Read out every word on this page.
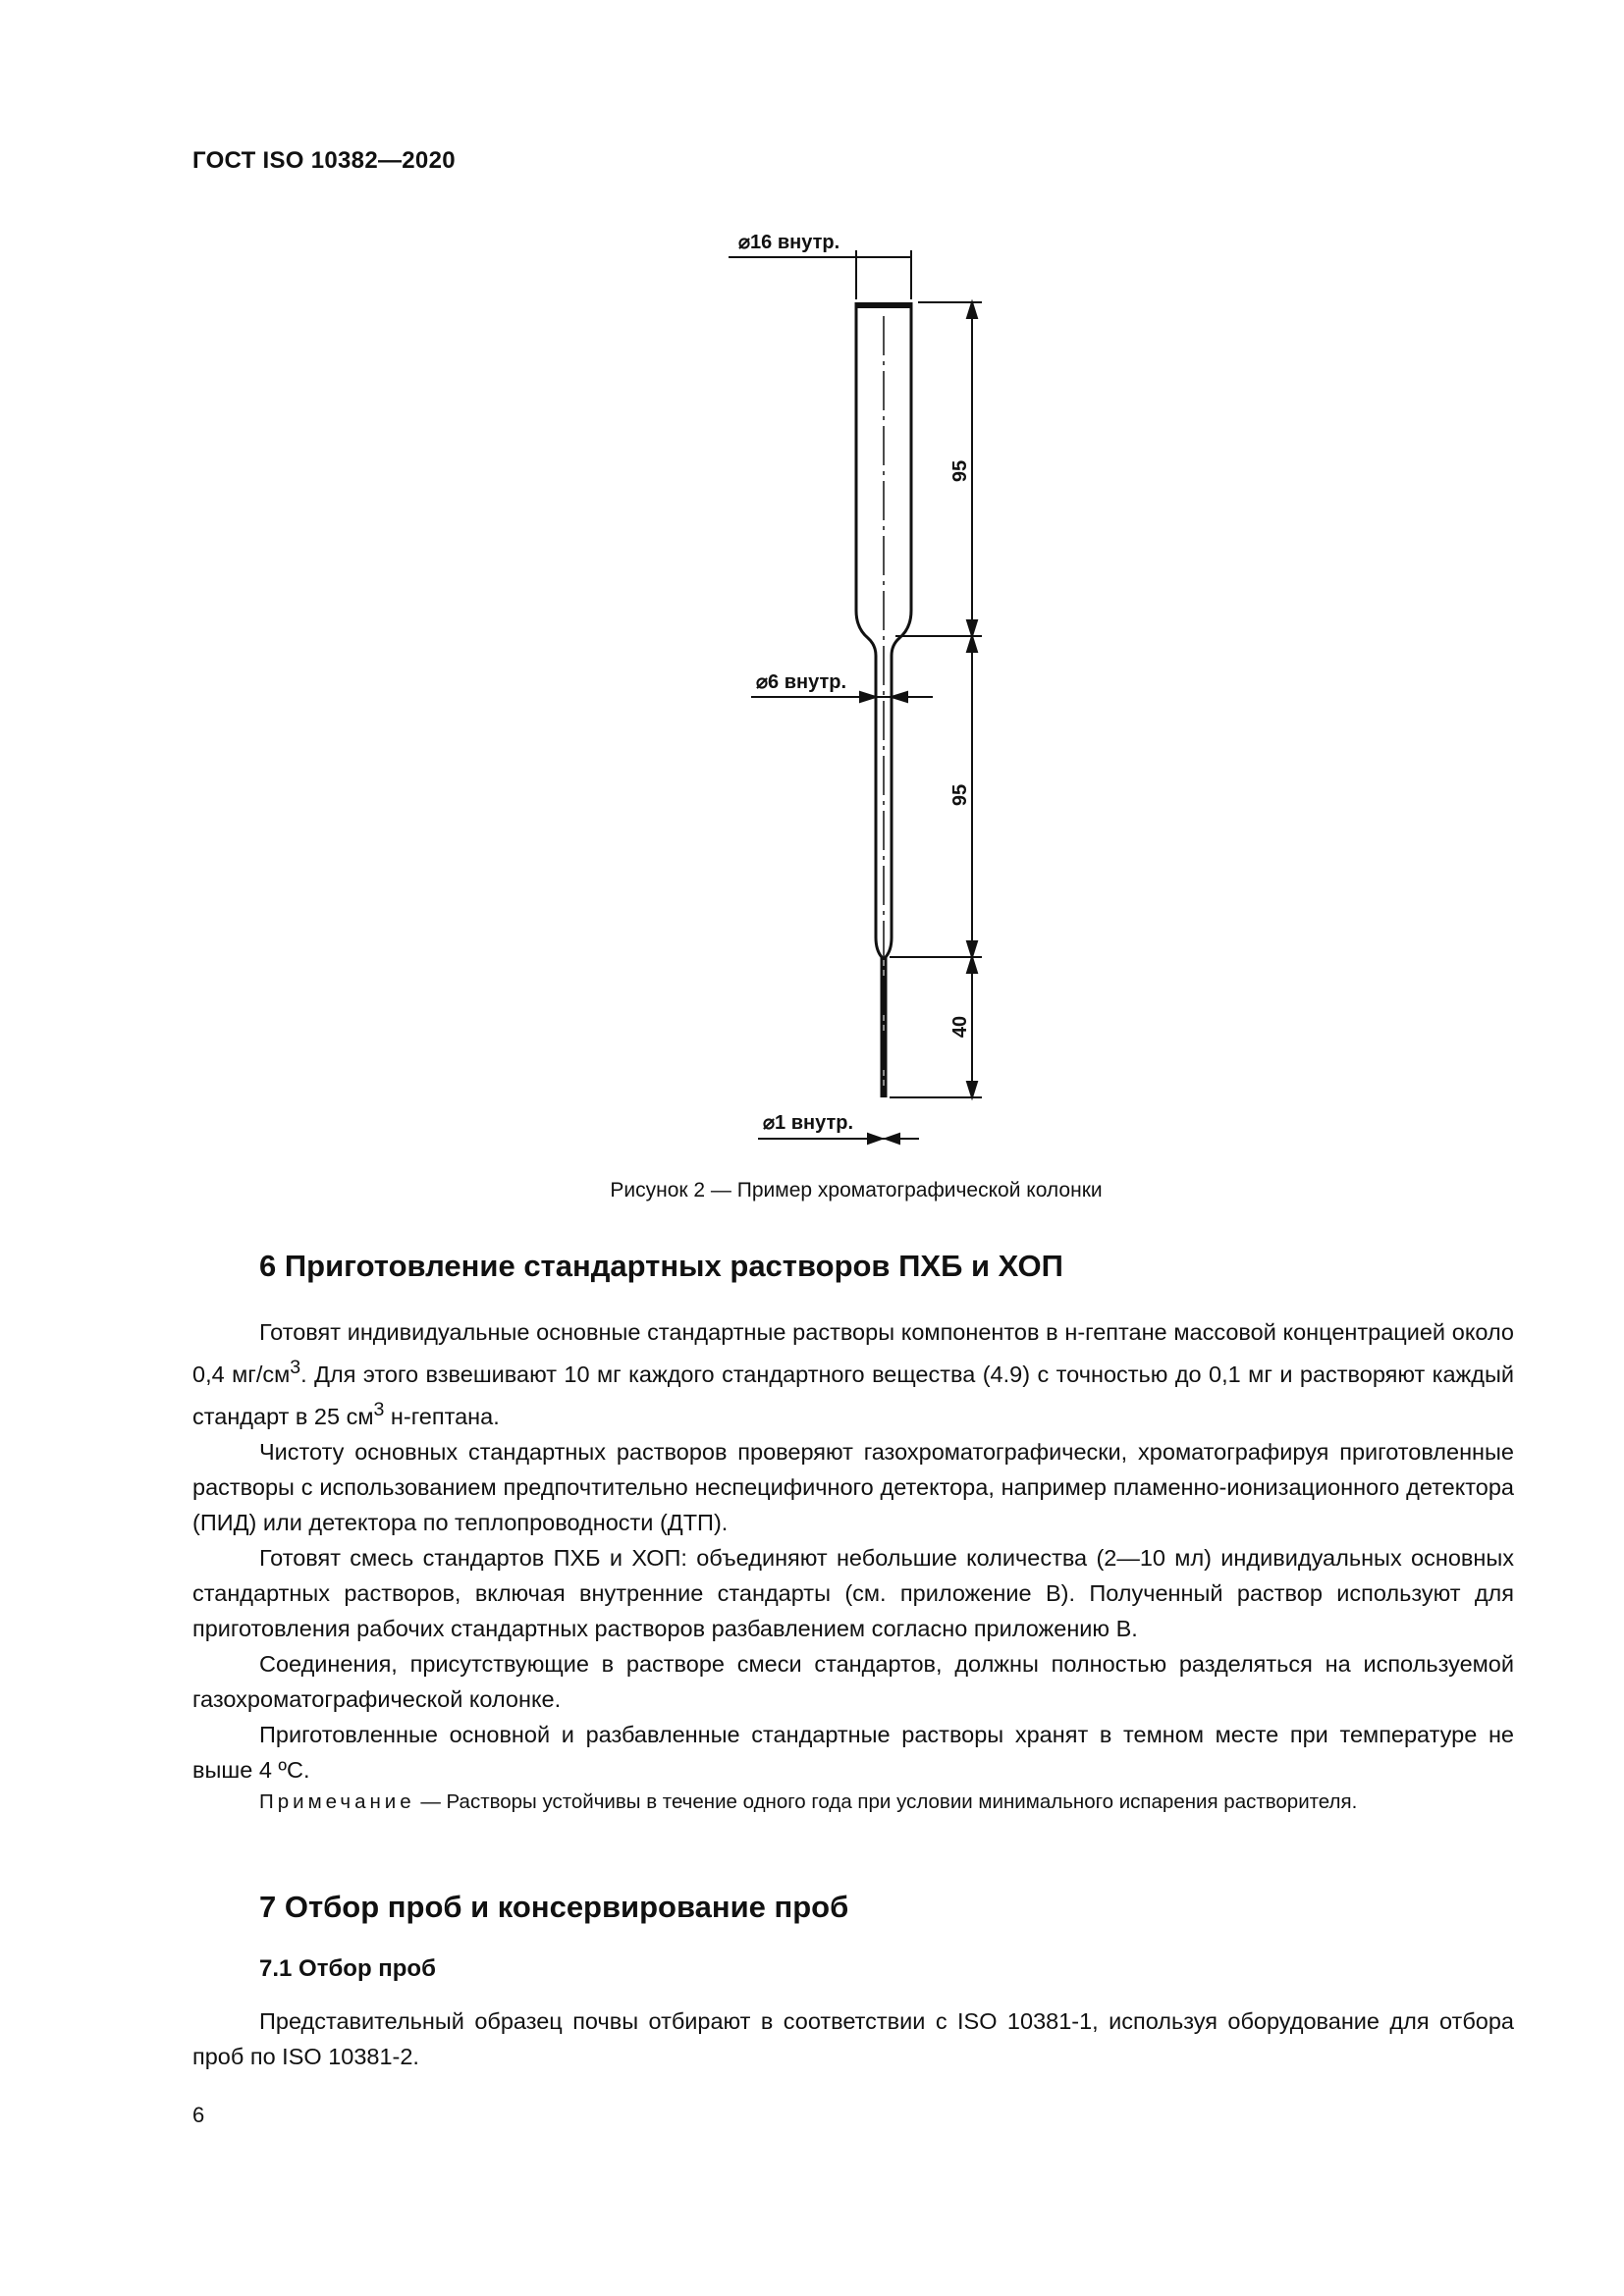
ГОСТ ISO 10382—2020
⌀16 внутр.
⌀6 внутр.
⌀1 внутр.
95
95
40
Рисунок 2 — Пример хроматографической колонки
6 Приготовление стандартных растворов ПХБ и ХОП

Готовят индивидуальные основные стандартные растворы компонентов в н-гептане массовой концентрацией около 0,4 $мг/см^3$. Для этого взвешивают 10 мг каждого стандартного вещества (4.9) с точностью до 0,1 мг и растворяют каждый стандарт в 25 $см^3$ н-гептана.

Чистоту основных стандартных растворов проверяют газохроматографически, хроматографируя приготовленные растворы с использованием предпочтительно неспецифичного детектора, например пламенно-ионизационного детектора (ПИД) или детектора по теплопроводности (ДТП).

Готовят смесь стандартов ПХБ и ХОП: объединяют небольшие количества (2—10 мл) индивидуальных основных стандартных растворов, включая внутренние стандарты (см. приложение В). Полученный раствор используют для приготовления рабочих стандартных растворов разбавлением согласно приложению В.

Соединения, присутствующие в растворе смеси стандартов, должны полностью разделяться на используемой газохроматографической колонке.

Приготовленные основной и разбавленные стандартные растворы хранят в темном месте при температуре не выше 4 ºС.

Примечание — Растворы устойчивы в течение одного года при условии минимального испарения растворителя.

7 Отбор проб и консервирование проб
7.1 Отбор проб

Представительный образец почвы отбирают в соответствии с ISO 10381-1, используя оборудование для отбора проб по ISO 10381-2.

6
